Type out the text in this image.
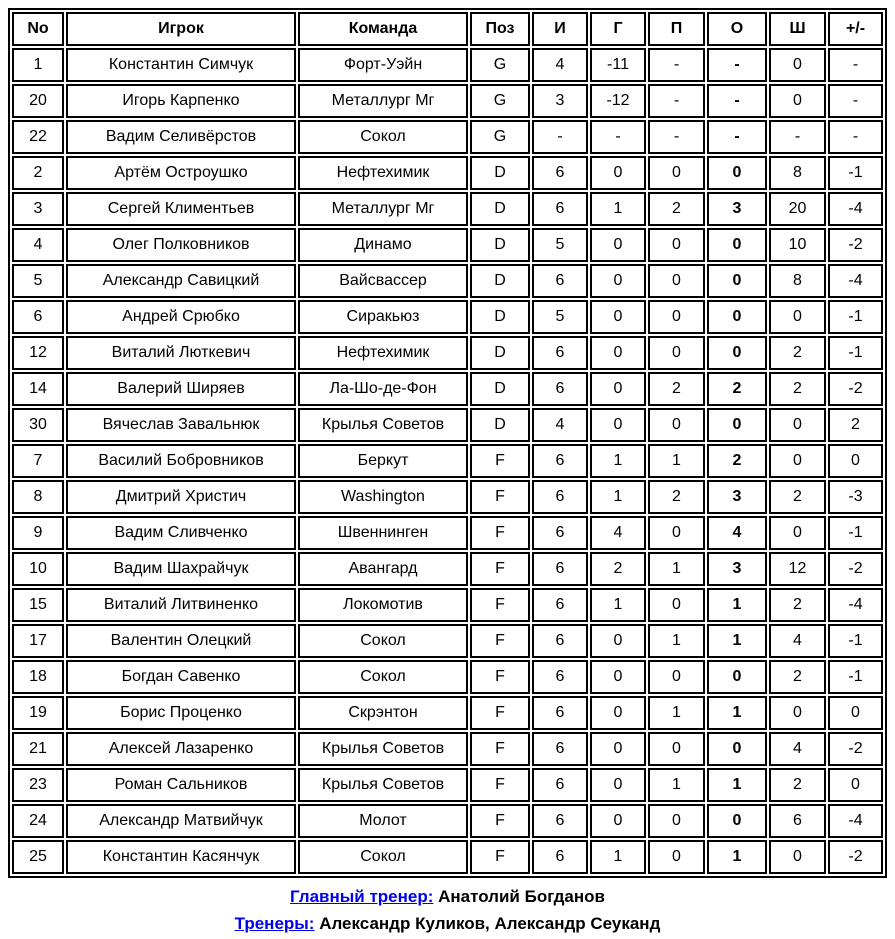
No	Игрок	Команда	Поз	И	Г	П	О	Ш	+/-
1	Константин Симчук	Форт-Уэйн	G	4	-11	-	-	0	-
20	Игорь Карпенко	Металлург Мг	G	3	-12	-	-	0	-
22	Вадим Селивёрстов	Сокол	G	-	-	-	-	-	-
2	Артём Остроушко	Нефтехимик	D	6	0	0	0	8	-1
3	Сергей Климентьев	Металлург Мг	D	6	1	2	3	20	-4
4	Олег Полковников	Динамо	D	5	0	0	0	10	-2
5	Александр Савицкий	Вайсвассер	D	6	0	0	0	8	-4
6	Андрей Срюбко	Сиракьюз	D	5	0	0	0	0	-1
12	Виталий Люткевич	Нефтехимик	D	6	0	0	0	2	-1
14	Валерий Ширяев	Ла-Шо-де-Фон	D	6	0	2	2	2	-2
30	Вячеслав Завальнюк	Крылья Советов	D	4	0	0	0	0	2
7	Василий Бобровников	Беркут	F	6	1	1	2	0	0
8	Дмитрий Христич	Washington	F	6	1	2	3	2	-3
9	Вадим Сливченко	Швеннинген	F	6	4	0	4	0	-1
10	Вадим Шахрайчук	Авангард	F	6	2	1	3	12	-2
15	Виталий Литвиненко	Локомотив	F	6	1	0	1	2	-4
17	Валентин Олецкий	Сокол	F	6	0	1	1	4	-1
18	Богдан Савенко	Сокол	F	6	0	0	0	2	-1
19	Борис Проценко	Скрэнтон	F	6	0	1	1	0	0
21	Алексей Лазаренко	Крылья Советов	F	6	0	0	0	4	-2
23	Роман Сальников	Крылья Советов	F	6	0	1	1	2	0
24	Александр Матвийчук	Молот	F	6	0	0	0	6	-4
25	Константин Касянчук	Сокол	F	6	1	0	1	0	-2
Главный тренер: Анатолий Богданов
Тренеры: Александр Куликов, Александр Сеуканд
